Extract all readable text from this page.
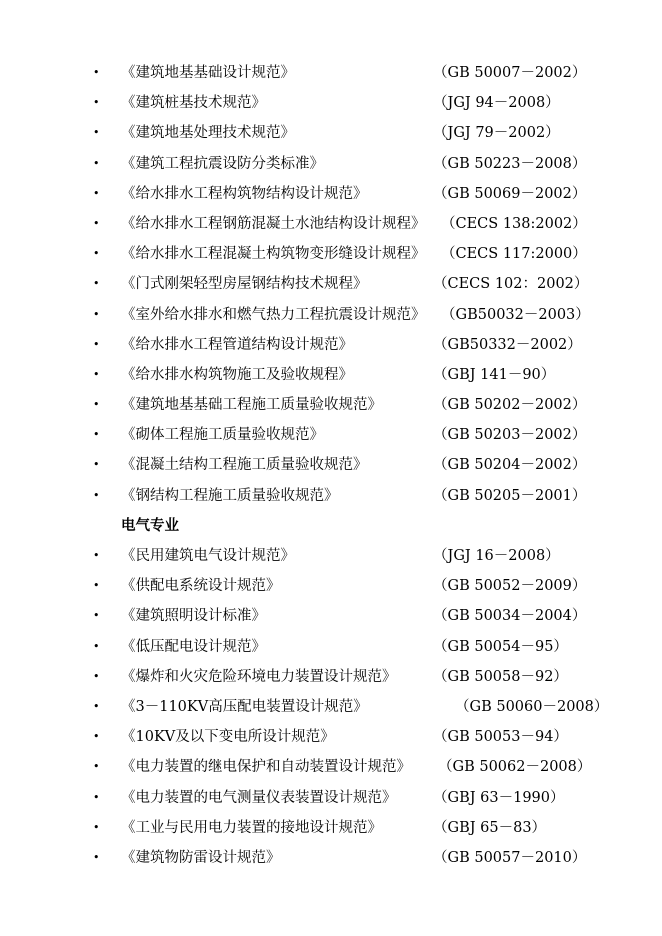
• 《建筑地基基础设计规范》	（GB 50007－2002）
• 《建筑桩基技术规范》	（JGJ 94－2008）
• 《建筑地基处理技术规范》	（JGJ 79－2002）
• 《建筑工程抗震设防分类标准》	（GB 50223－2008）
• 《给水排水工程构筑物结构设计规范》	（GB 50069－2002）
• 《给水排水工程钢筋混凝土水池结构设计规程》 （CECS 138:2002）
• 《给水排水工程混凝土构筑物变形缝设计规程》 （CECS 117:2000）
• 《门式刚架轻型房屋钢结构技术规程》	（CECS 102：2002）
• 《室外给水排水和燃气热力工程抗震设计规范》 （GB50032－2003）
• 《给水排水工程管道结构设计规范》	（GB50332－2002）
• 《给水排水构筑物施工及验收规程》	（GBJ 141－90）
• 《建筑地基基础工程施工质量验收规范》	（GB 50202－2002）
• 《砌体工程施工质量验收规范》	（GB 50203－2002）
• 《混凝土结构工程施工质量验收规范》	（GB 50204－2002）
• 《钢结构工程施工质量验收规范》	（GB 50205－2001）
电气专业
• 《民用建筑电气设计规范》	（JGJ 16－2008）
• 《供配电系统设计规范》	（GB 50052－2009）
• 《建筑照明设计标准》	（GB 50034－2004）
• 《低压配电设计规范》	（GB 50054－95）
• 《爆炸和火灾危险环境电力装置设计规范》	（GB 50058－92）
• 《3－110KV高压配电装置设计规范》	（GB 50060－2008）
• 《10KV及以下变电所设计规范》	（GB 50053－94）
• 《电力装置的继电保护和自动装置设计规范》 （GB 50062－2008）
• 《电力装置的电气测量仪表装置设计规范》	（GBJ 63－1990）
• 《工业与民用电力装置的接地设计规范》	（GBJ 65－83）
• 《建筑物防雷设计规范》	（GB 50057－2010）
